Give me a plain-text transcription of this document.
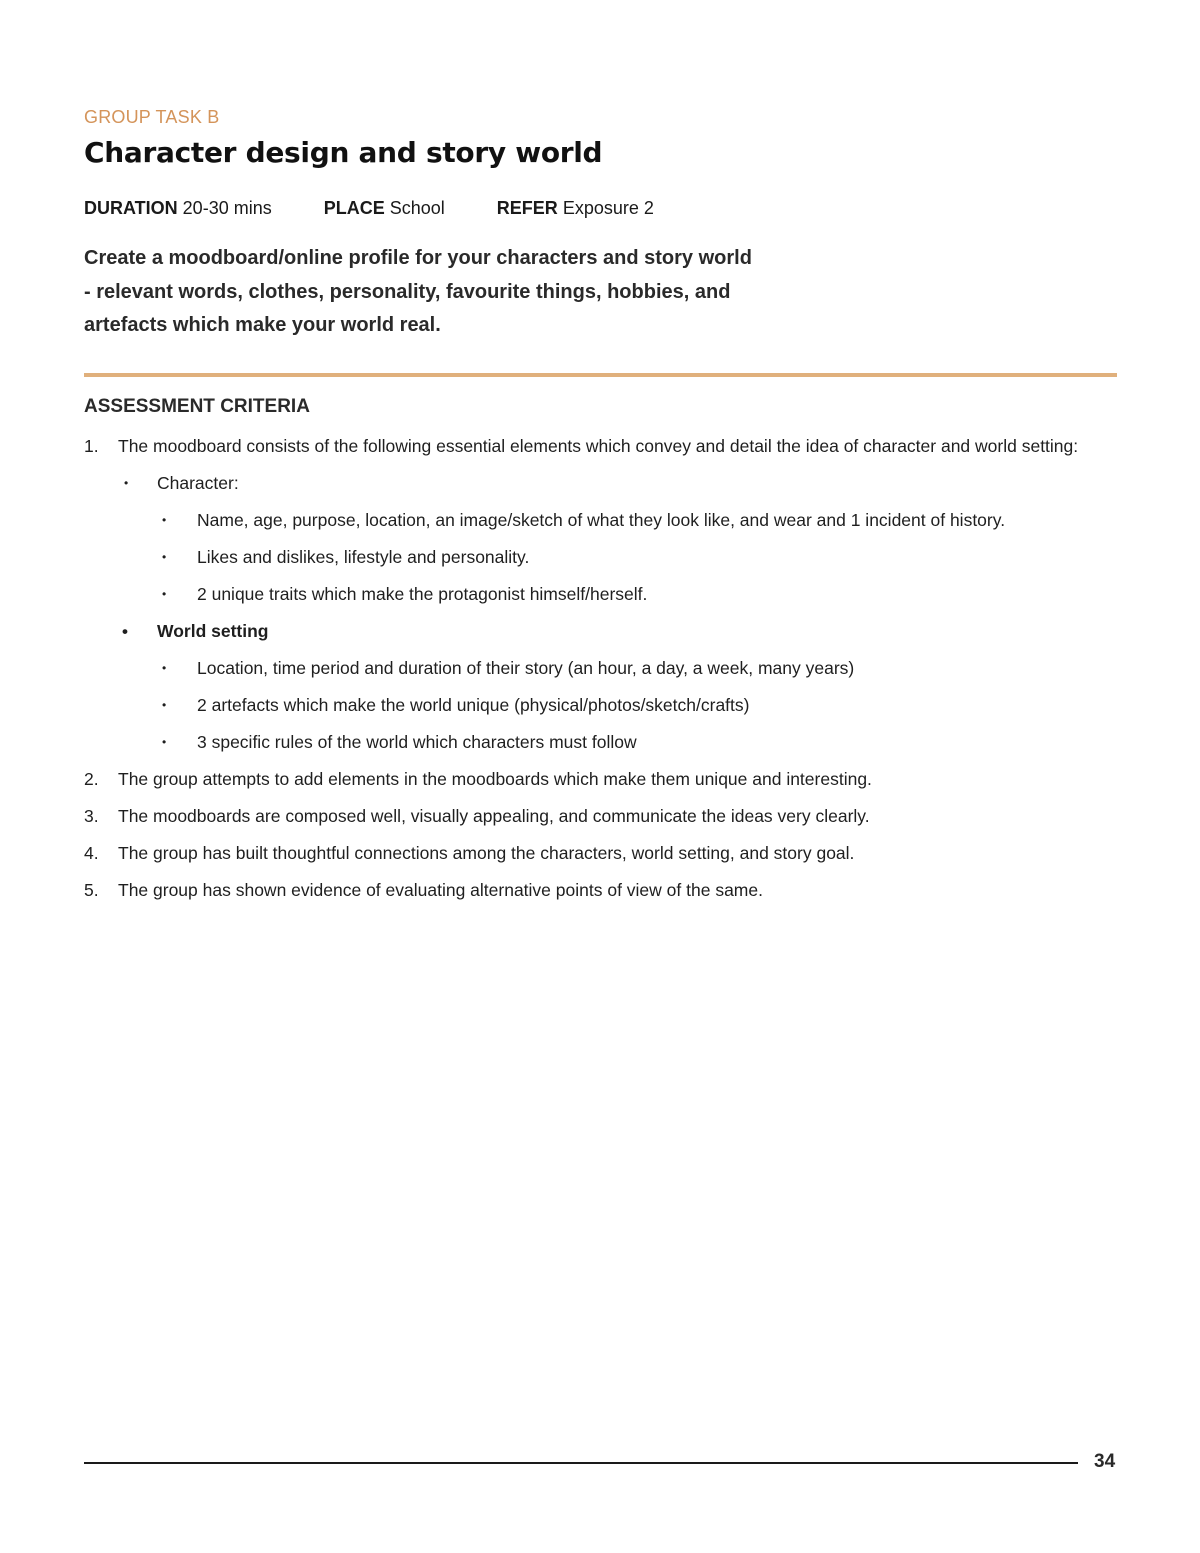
GROUP TASK B
Character design and story world
DURATION 20-30 mins	PLACE School	REFER Exposure 2

Create a moodboard/online profile for your characters and story world
- relevant words, clothes, personality, favourite things, hobbies, and
artefacts which make your world real.

ASSESSMENT CRITERIA
1. The moodboard consists of the following essential elements which convey and detail the idea of character and world setting:
• Character:
• Name, age, purpose, location, an image/sketch of what they look like, and wear and 1 incident of history.
• Likes and dislikes, lifestyle and personality.
• 2 unique traits which make the protagonist himself/herself.
• World setting
• Location, time period and duration of their story (an hour, a day, a week, many years)
• 2 artefacts which make the world unique (physical/photos/sketch/crafts)
• 3 specific rules of the world which characters must follow
2. The group attempts to add elements in the moodboards which make them unique and interesting.
3. The moodboards are composed well, visually appealing, and communicate the ideas very clearly.
4. The group has built thoughtful connections among the characters, world setting, and story goal.
5. The group has shown evidence of evaluating alternative points of view of the same.
34
